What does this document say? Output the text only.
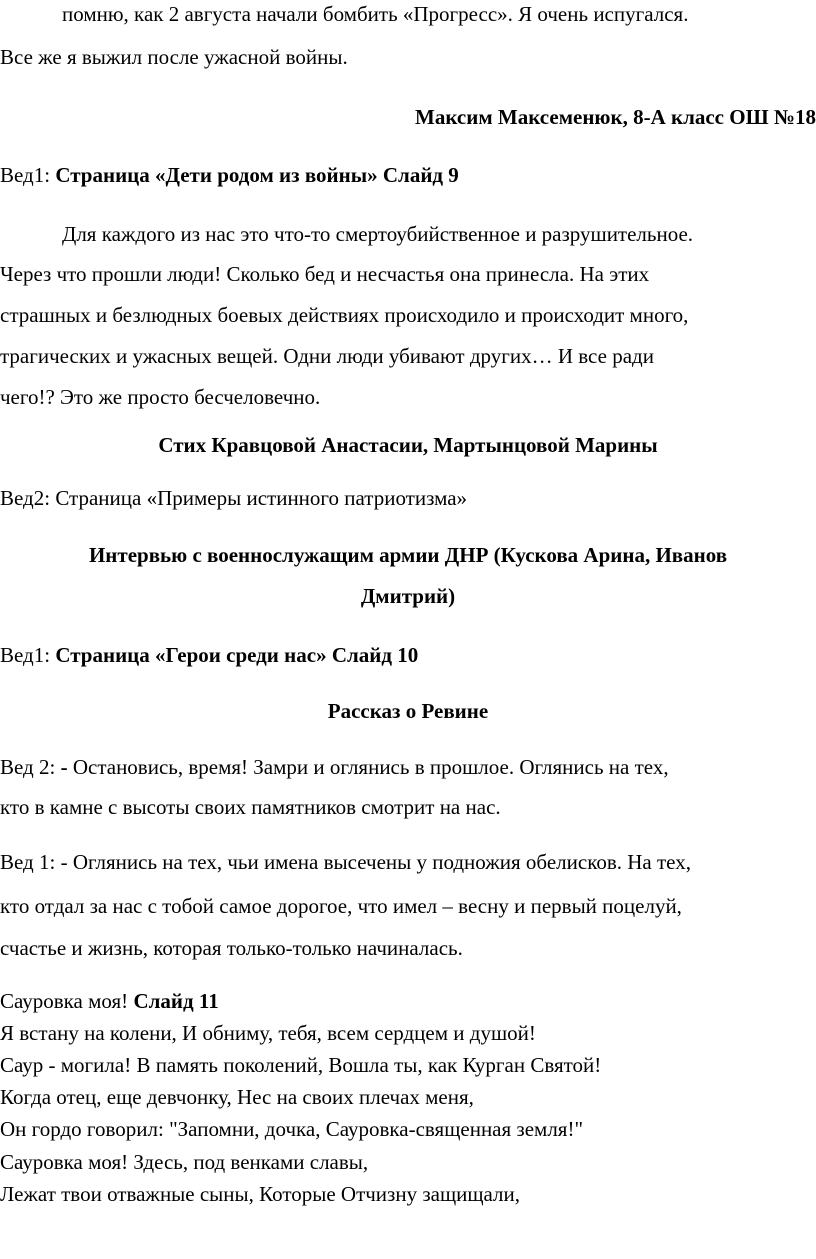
помню, как 2 августа начали бомбить «Прогресс». Я очень испугался.
Все же я выжил после ужасной войны.
Максим Максеменюк, 8-А класс ОШ №18
Вед1: Страница «Дети родом из войны» Слайд 9
Для каждого из нас это что-то смертоубийственное и разрушительное.
Через что прошли люди! Сколько бед и несчастья она принесла. На этих
страшных и безлюдных боевых действиях происходило и происходит много,
трагических и ужасных вещей. Одни люди убивают других… И все ради
чего!? Это же просто бесчеловечно.
Стих Кравцовой Анастасии, Мартынцовой Марины
Вед2: Страница «Примеры истинного патриотизма»
Интервью с военнослужащим армии ДНР (Кускова Арина, Иванов
Дмитрий)
Вед1: Страница «Герои среди нас» Слайд 10
Рассказ о Ревине
Вед 2: - Остановись, время! Замри и оглянись в прошлое. Оглянись на тех,
кто в камне с высоты своих памятников смотрит на нас.
Вед 1: - Оглянись на тех, чьи имена высечены у подножия обелисков. На тех,
кто отдал за нас с тобой самое дорогое, что имел – весну и первый поцелуй,
счастье и жизнь, которая только-только начиналась.
Сауровка моя! Слайд 11
Я встану на колени, И обниму, тебя, всем сердцем и душой!
Саур - могила! В память поколений, Вошла ты, как Курган Святой!
Когда отец, еще девчонку, Нес на своих плечах меня,
Он гордо говорил: "Запомни, дочка, Сауровка-священная земля!"
Сауровка моя! Здесь, под венками славы,
Лежат твои отважные сыны, Которые Отчизну защищали,
